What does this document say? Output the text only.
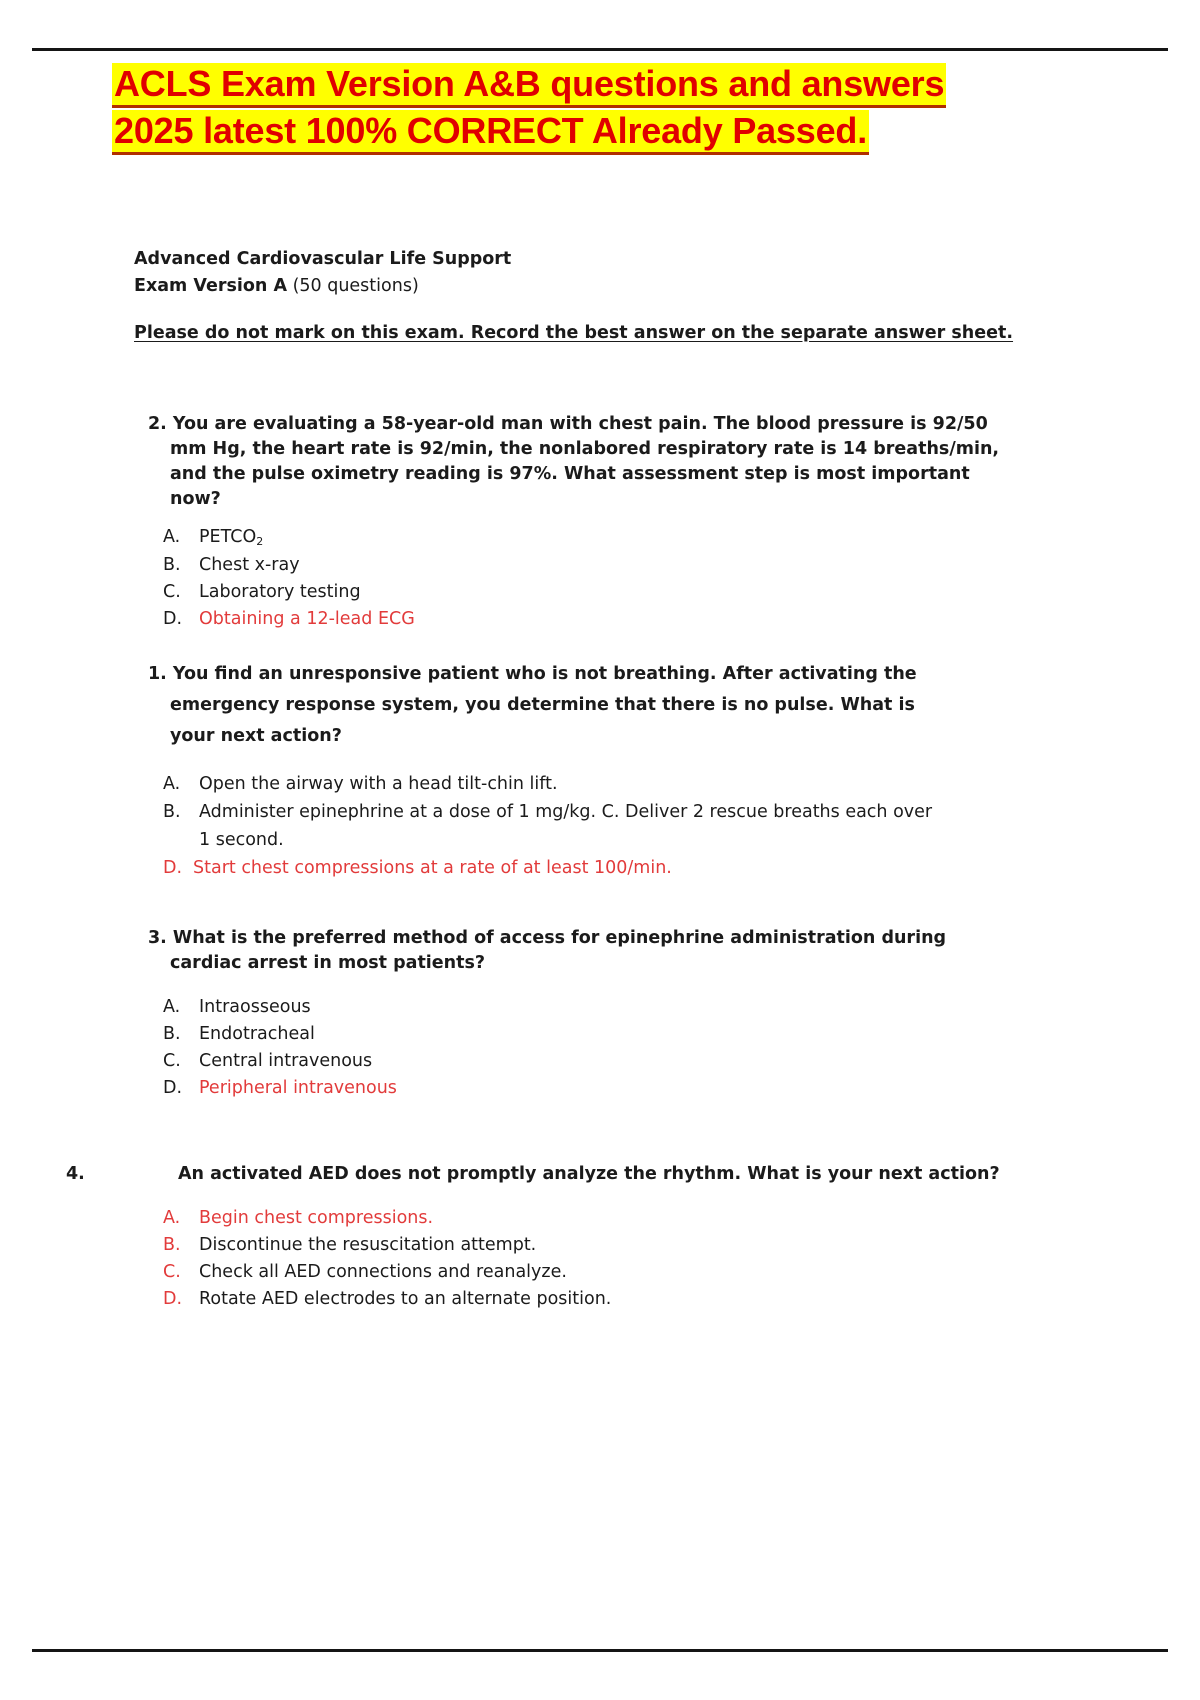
ACLS Exam Version A&B questions and answers
2025 latest 100% CORRECT Already Passed.
Advanced Cardiovascular Life Support
Exam Version A (50 questions)
Please do not mark on this exam. Record the best answer on the separate answer sheet.
2. You are evaluating a 58-year-old man with chest pain. The blood pressure is 92/50 mm Hg, the heart rate is 92/min, the nonlabored respiratory rate is 14 breaths/min, and the pulse oximetry reading is 97%. What assessment step is most important now?
A. $PETCO_2$
B. Chest x-ray
C. Laboratory testing
D. Obtaining a 12-lead ECG
1. You find an unresponsive patient who is not breathing. After activating the emergency response system, you determine that there is no pulse. What is your next action?
A. Open the airway with a head tilt-chin lift.
B. Administer epinephrine at a dose of 1 mg/kg. C. Deliver 2 rescue breaths each over 1 second.
D. Start chest compressions at a rate of at least 100/min.
3. What is the preferred method of access for epinephrine administration during cardiac arrest in most patients?
A. Intraosseous
B. Endotracheal
C. Central intravenous
D. Peripheral intravenous
4.	An activated AED does not promptly analyze the rhythm. What is your next action?
A. Begin chest compressions.
B. Discontinue the resuscitation attempt.
C. Check all AED connections and reanalyze.
D. Rotate AED electrodes to an alternate position.
